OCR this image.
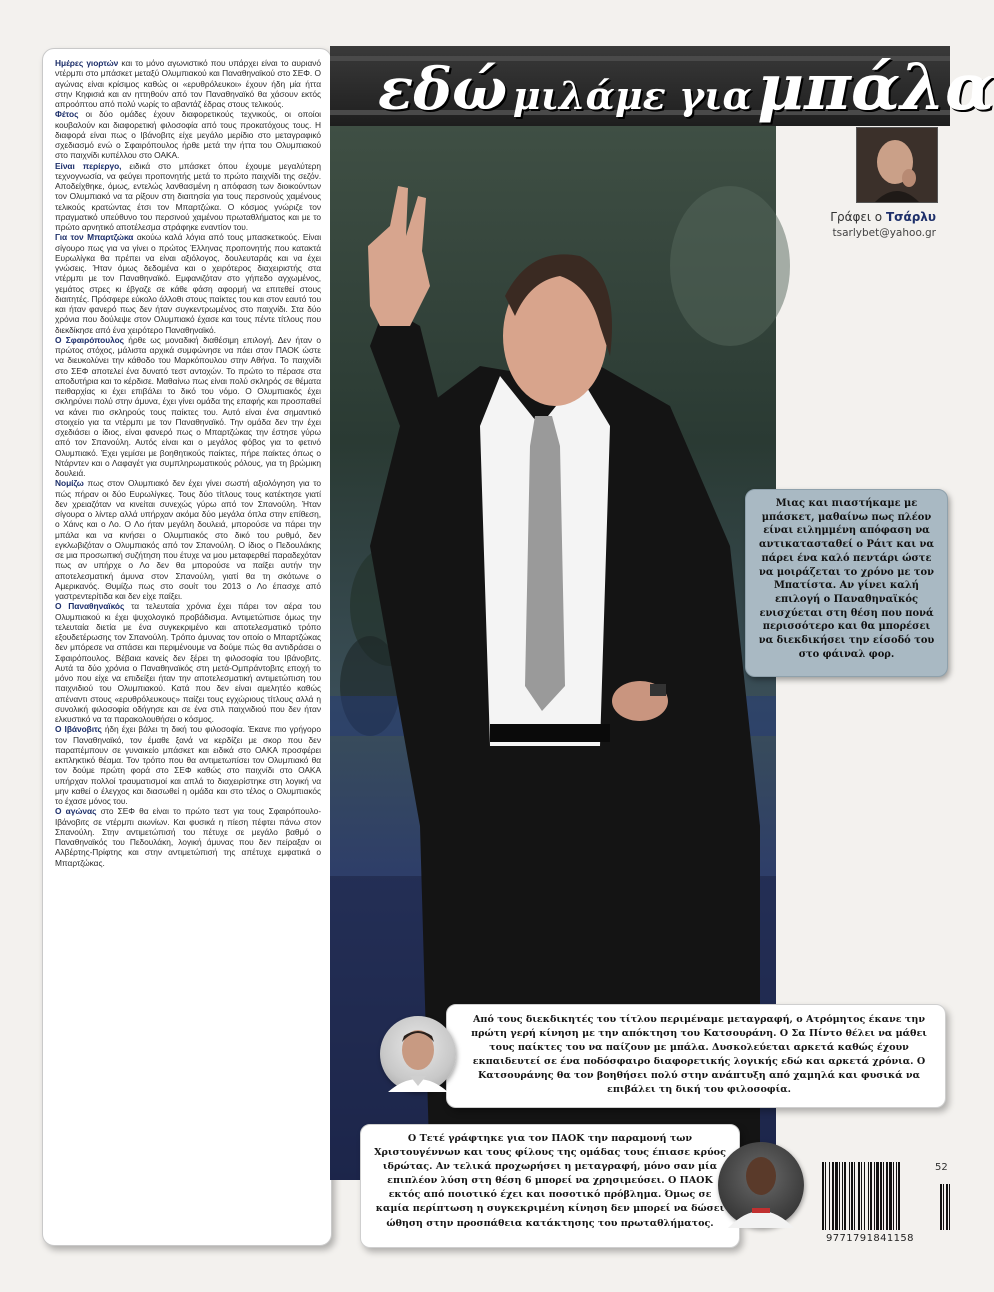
Ημέρες γιορτών και το μόνο αγωνιστικό που υπάρχει είναι το αυριανό ντέρμπι στο μπάσκετ μεταξύ Ολυμπιακού και Παναθηναϊκού στο ΣΕΦ. Ο αγώνας είναι κρίσιμος καθώς οι «ερυθρόλευκοι» έχουν ήδη μία ήττα στην Κηφισιά και αν ηττηθούν από τον Παναθηναϊκό θα χάσουν εκτός απροόπτου από πολύ νωρίς το αβαντάζ έδρας στους τελικούς.

Φέτος οι δύο ομάδες έχουν διαφορετικούς τεχνικούς, οι οποίοι κουβαλούν και διαφορετική φιλοσοφία από τους προκατόχους τους. Η διαφορά είναι πως ο Ιβάνοβιτς είχε μεγάλο μερίδιο στο μεταγραφικό σχεδιασμό ενώ ο Σφαιρόπουλος ήρθε μετά την ήττα του Ολυμπιακού στο παιχνίδι κυπέλλου στο ΟΑΚΑ.

Είναι περίεργο, ειδικά στο μπάσκετ όπου έχουμε μεγαλύτερη τεχνογνωσία, να φεύγει προπονητής μετά το πρώτο παιχνίδι της σεζόν. Αποδείχθηκε, όμως, εντελώς λανθασμένη η απόφαση των διοικούντων τον Ολυμπιακό να τα ρίξουν στη διαιτησία για τους περσινούς χαμένους τελικούς κρατώντας έτσι τον Μπαρτζώκα. Ο κόσμος γνώριζε τον πραγματικό υπεύθυνο του περσινού χαμένου πρωταθλήματος και με το πρώτο αρνητικό αποτέλεσμα στράφηκε εναντίον του.

Για τον Μπαρτζώκα ακούω καλά λόγια από τους μπασκετικούς. Είναι σίγουρο πως για να γίνει ο πρώτος Έλληνας προπονητής που κατακτά Ευρωλίγκα θα πρέπει να είναι αξιόλογος, δουλευταράς και να έχει γνώσεις. Ήταν όμως δεδομένα και ο χειρότερος διαχειριστής στα ντέρμπι με τον Παναθηναϊκό. Εμφανιζόταν στο γήπεδο αγχωμένος, γεμάτος στρες κι έβγαζε σε κάθε φάση αφορμή να επιτεθεί στους διαιτητές. Πρόσφερε εύκολο άλλοθι στους παίκτες του και στον εαυτό του και ήταν φανερό πως δεν ήταν συγκεντρωμένος στο παιχνίδι. Στα δύο χρόνια που δούλεψε στον Ολυμπιακό έχασε και τους πέντε τίτλους που διεκδίκησε από ένα χειρότερο Παναθηναϊκό.

Ο Σφαιρόπουλος ήρθε ως μοναδική διαθέσιμη επιλογή. Δεν ήταν ο πρώτος στόχος, μάλιστα αρχικά συμφώνησε να πάει στον ΠΑΟΚ ώστε να διευκολύνει την κάθοδο του Μαρκόπουλου στην Αθήνα. Το παιχνίδι στο ΣΕΦ αποτελεί ένα δυνατό τεστ αντοχών. Το πρώτο το πέρασε στα αποδυτήρια και το κέρδισε. Μαθαίνω πως είναι πολύ σκληρός σε θέματα πειθαρχίας κι έχει επιβάλει το δικό του νόμο. Ο Ολυμπιακός έχει σκληρύνει πολύ στην άμυνα, έχει γίνει ομάδα της επαφής και προσπαθεί να κάνει πιο σκληρούς τους παίκτες του. Αυτό είναι ένα σημαντικό στοιχείο για τα ντέρμπι με τον Παναθηναϊκό. Την ομάδα δεν την έχει σχεδιάσει ο ίδιος, είναι φανερό πως ο Μπαρτζώκας την έστησε γύρω από τον Σπανούλη. Αυτός είναι και ο μεγάλος φόβος για το φετινό Ολυμπιακό. Έχει γεμίσει με βοηθητικούς παίκτες, πήρε παίκτες όπως ο Ντάρντεν και ο Λαφαγέτ για συμπληρωματικούς ρόλους, για τη βρώμικη δουλειά.

Νομίζω πως στον Ολυμπιακό δεν έχει γίνει σωστή αξιολόγηση για το πώς πήραν οι δύο Ευρωλίγκες. Τους δύο τίτλους τους κατέκτησε γιατί δεν χρειαζόταν να κινείται συνεχώς γύρω από τον Σπανούλη. Ήταν σίγουρα ο λίντερ αλλά υπήρχαν ακόμα δύο μεγάλα όπλα στην επίθεση, ο Χάινς και ο Λο. Ο Λο ήταν μεγάλη δουλειά, μπορούσε να πάρει την μπάλα και να κινήσει ο Ολυμπιακός στο δικό του ρυθμό, δεν εγκλωβιζόταν ο Ολυμπιακός από τον Σπανούλη. Ο ίδιος ο Πεδουλάκης σε μια προσωπική συζήτηση που έτυχε να μου μεταφερθεί παραδεχόταν πως αν υπήρχε ο Λο δεν θα μπορούσε να παίξει αυτήν την αποτελεσματική άμυνα στον Σπανούλη, γιατί θα τη σκότωνε ο Αμερικανός. Θυμίζω πως στο σουίτ του 2013 ο Λο έπασχε από γαστρεντερίτιδα και δεν είχε παίξει.

Ο Παναθηναϊκός τα τελευταία χρόνια έχει πάρει τον αέρα του Ολυμπιακού κι έχει ψυχολογικό προβάδισμα. Αντιμετώπισε όμως την τελευταία διετία με ένα συγκεκριμένο και αποτελεσματικό τρόπο εξουδετέρωσης τον Σπανούλη. Τρόπο άμυνας τον οποίο ο Μπαρτζώκας δεν μπόρεσε να σπάσει και περιμένουμε να δούμε πώς θα αντιδράσει ο Σφαιρόπουλος. Βέβαια κανείς δεν ξέρει τη φιλοσοφία του Ιβάνοβιτς. Αυτά τα δύο χρόνια ο Παναθηναϊκός στη μετά-Ομπράντοβιτς εποχή το μόνο που είχε να επιδείξει ήταν την αποτελεσματική αντιμετώπιση του παιχνιδιού του Ολυμπιακού. Κατά που δεν είναι αμελητέο καθώς απέναντι στους «ερυθρόλευκους» παίζει τους εγχώριους τίτλους αλλά η συνολική φιλοσοφία οδήγησε και σε ένα στιλ παιχνιδιού που δεν ήταν ελκυστικό να τα παρακολουθήσει ο κόσμος.

Ο Ιβάνοβιτς ήδη έχει βάλει τη δική του φιλοσοφία. Έκανε πιο γρήγορο τον Παναθηναϊκό, τον έμαθε ξανά να κερδίζει με σκορ που δεν παραπέμπουν σε γυναικείο μπάσκετ και ειδικά στο ΟΑΚΑ προσφέρει εκπληκτικό θέαμα. Τον τρόπο που θα αντιμετωπίσει τον Ολυμπιακό θα τον δούμε πρώτη φορά στο ΣΕΦ καθώς στο παιχνίδι στο ΟΑΚΑ υπήρχαν πολλοί τραυματισμοί και απλά το διαχειρίστηκε στη λογική να μην καθεί ο έλεγχος και διασωθεί η ομάδα και στο τέλος ο Ολυμπιακός το έχασε μόνος του.

Ο αγώνας στο ΣΕΦ θα είναι το πρώτο τεστ για τους Σφαιρόπουλο-Ιβάνοβιτς σε ντέρμπι αιωνίων. Και φυσικά η πίεση πέφτει πάνω στον Σπανούλη. Στην αντιμετώπισή του πέτυχε σε μεγάλο βαθμό ο Παναθηναϊκός του Πεδουλάκη, λογική άμυνας που δεν πείραξαν οι Αλβέρτης-Πρίφτης και στην αντιμετώπισή της απέτυχε εμφατικά ο Μπαρτζώκας.

εδώ μιλάμε για μπάλα
Γράφει ο Τσάρλυ
tsarlybet@yahoo.gr

Μιας και πιαστήκαμε με μπάσκετ, μαθαίνω πως πλέον είναι ειλημμένη απόφαση να αντικατασταθεί ο Ράιτ και να πάρει ένα καλό πεντάρι ώστε να μοιράζεται το χρόνο με τον Μπατίστα. Αν γίνει καλή επιλογή ο Παναθηναϊκός ενισχύεται στη θέση που πονά περισσότερο και θα μπορέσει να διεκδικήσει την είσοδό του στο φάιναλ φορ.

Από τους διεκδικητές του τίτλου περιμέναμε μεταγραφή, ο Ατρόμητος έκανε την πρώτη γερή κίνηση με την απόκτηση του Κατσουράνη. Ο Σα Πίντο θέλει να μάθει τους παίκτες του να παίζουν με μπάλα. Δυσκολεύεται αρκετά καθώς έχουν εκπαιδευτεί σε ένα ποδόσφαιρο διαφορετικής λογικής εδώ και αρκετά χρόνια. Ο Κατσουράνης θα τον βοηθήσει πολύ στην ανάπτυξη από χαμηλά και φυσικά να επιβάλει τη δική του φιλοσοφία.

Ο Τετέ γράφτηκε για τον ΠΑΟΚ την παραμονή των Χριστουγέννων και τους φίλους της ομάδας τους έπιασε κρύος ιδρώτας. Αν τελικά προχωρήσει η μεταγραφή, μόνο σαν μία επιπλέον λύση στη θέση 6 μπορεί να χρησιμεύσει. Ο ΠΑΟΚ εκτός από ποιοτικό έχει και ποσοτικό πρόβλημα. Όμως σε καμία περίπτωση η συγκεκριμένη κίνηση δεν μπορεί να δώσει ώθηση στην προσπάθεια κατάκτησης του πρωταθλήματος.

52
9771791841158
